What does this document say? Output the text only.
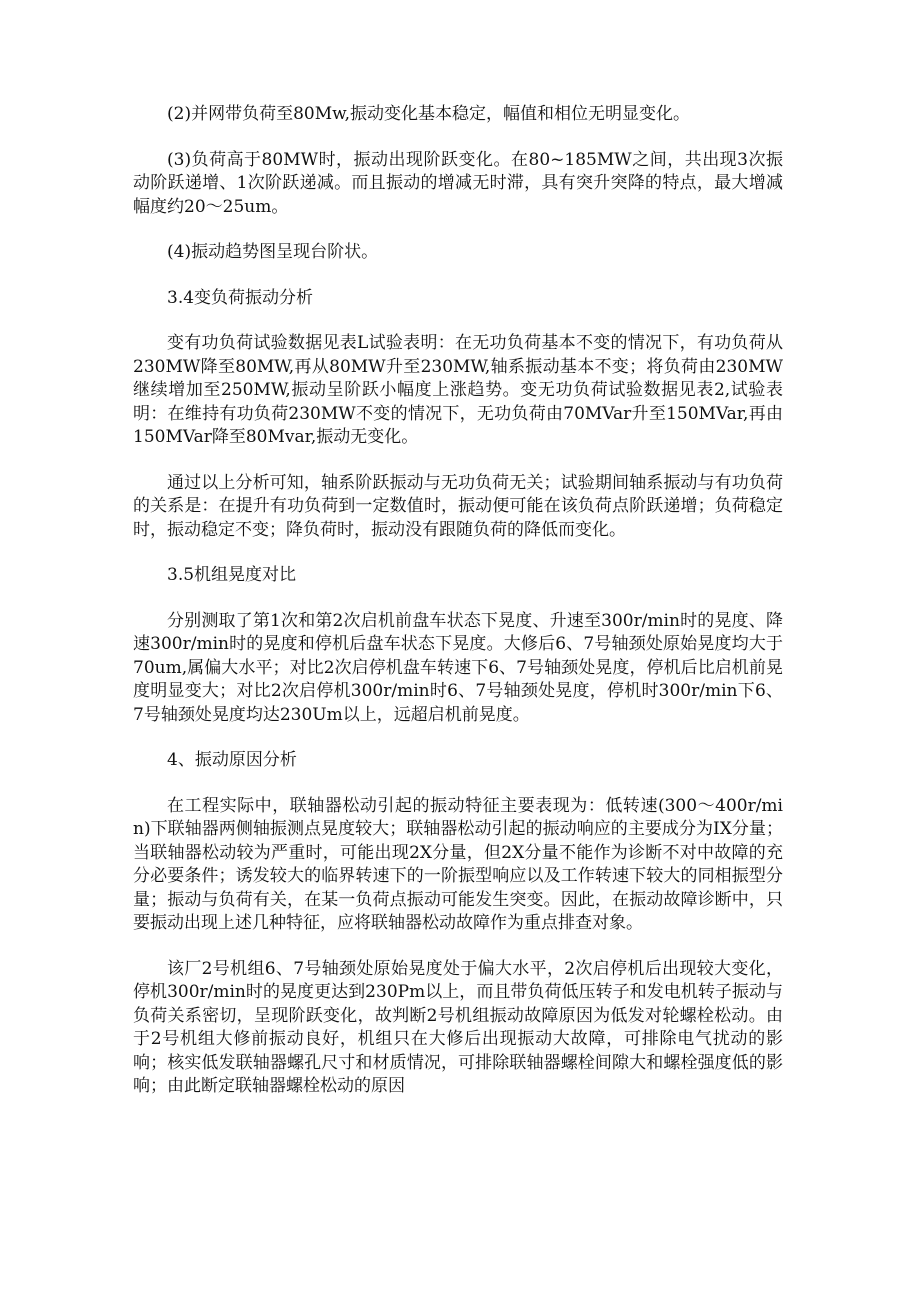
(2)并网带负荷至80Mw,振动变化基本稳定，幅值和相位无明显变化。

(3)负荷高于80MW时，振动出现阶跃变化。在80~185MW之间，共出现3次振动阶跃递增、1次阶跃递减。而且振动的增减无时滞，具有突升突降的特点，最大增减幅度约20～25um。

(4)振动趋势图呈现台阶状。

3.4变负荷振动分析

变有功负荷试验数据见表L试验表明：在无功负荷基本不变的情况下，有功负荷从230MW降至80MW,再从80MW升至230MW,轴系振动基本不变；将负荷由230MW继续增加至250MW,振动呈阶跃小幅度上涨趋势。变无功负荷试验数据见表2,试验表明：在维持有功负荷230MW不变的情况下，无功负荷由70MVar升至150MVar,再由150MVar降至80Mvar,振动无变化。

通过以上分析可知，轴系阶跃振动与无功负荷无关；试验期间轴系振动与有功负荷的关系是：在提升有功负荷到一定数值时，振动便可能在该负荷点阶跃递增；负荷稳定时，振动稳定不变；降负荷时，振动没有跟随负荷的降低而变化。

3.5机组晃度对比

分别测取了第1次和第2次启机前盘车状态下晃度、升速至300r/min时的晃度、降速300r/min时的晃度和停机后盘车状态下晃度。大修后6、7号轴颈处原始晃度均大于70um,属偏大水平；对比2次启停机盘车转速下6、7号轴颈处晃度，停机后比启机前晃度明显变大；对比2次启停机300r/min时6、7号轴颈处晃度，停机时300r/min下6、7号轴颈处晃度均达230Um以上，远超启机前晃度。

4、振动原因分析

在工程实际中，联轴器松动引起的振动特征主要表现为：低转速(300～400r/min)下联轴器两侧轴振测点晃度较大；联轴器松动引起的振动响应的主要成分为IX分量；当联轴器松动较为严重时，可能出现2X分量，但2X分量不能作为诊断不对中故障的充分必要条件；诱发较大的临界转速下的一阶振型响应以及工作转速下较大的同相振型分量；振动与负荷有关，在某一负荷点振动可能发生突变。因此，在振动故障诊断中，只要振动出现上述几种特征，应将联轴器松动故障作为重点排查对象。

该厂2号机组6、7号轴颈处原始晃度处于偏大水平，2次启停机后出现较大变化，停机300r/min时的晃度更达到230Pm以上，而且带负荷低压转子和发电机转子振动与负荷关系密切，呈现阶跃变化，故判断2号机组振动故障原因为低发对轮螺栓松动。由于2号机组大修前振动良好，机组只在大修后出现振动大故障，可排除电气扰动的影响；核实低发联轴器螺孔尺寸和材质情况，可排除联轴器螺栓间隙大和螺栓强度低的影响；由此断定联轴器螺栓松动的原因
